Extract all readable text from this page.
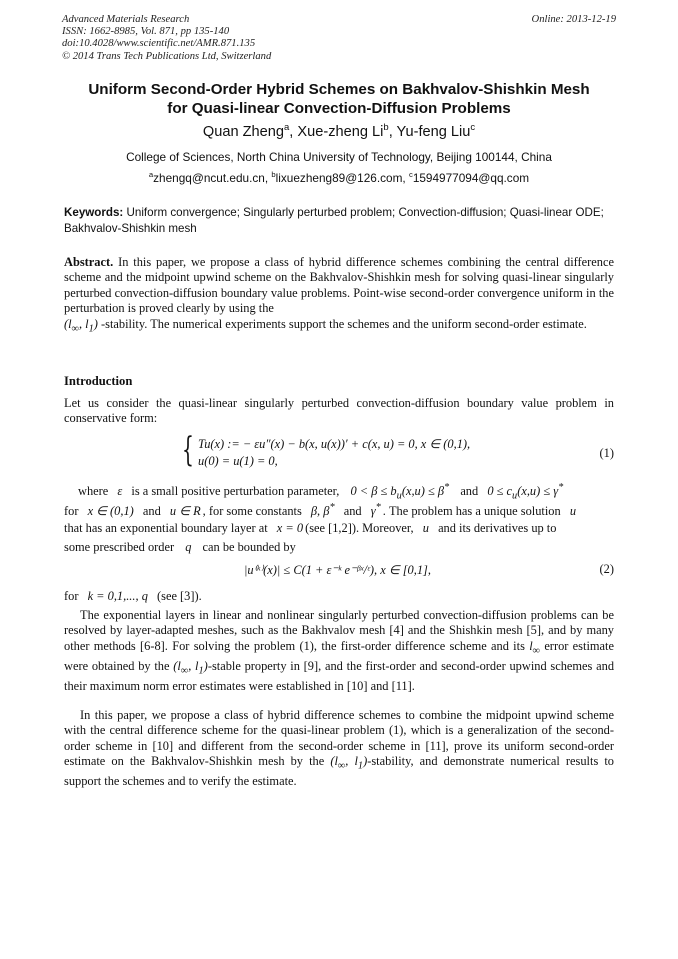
Advanced Materials Research
ISSN: 1662-8985, Vol. 871, pp 135-140
doi:10.4028/www.scientific.net/AMR.871.135
© 2014 Trans Tech Publications Ltd, Switzerland
Online: 2013-12-19
Uniform Second-Order Hybrid Schemes on Bakhvalov-Shishkin Mesh
for Quasi-linear Convection-Diffusion Problems
Quan Zheng$^a$, Xue-zheng Li$^b$, Yu-feng Liu$^c$
College of Sciences, North China University of Technology, Beijing 100144, China
$^a$zhengq@ncut.edu.cn, $^b$lixuezheng89@126.com, $^c$1594977094@qq.com
Keywords: Uniform convergence; Singularly perturbed problem; Convection-diffusion; Quasi-linear ODE; Bakhvalov-Shishkin mesh
Abstract. In this paper, we propose a class of hybrid difference schemes combining the central difference scheme and the midpoint upwind scheme on the Bakhvalov-Shishkin mesh for solving quasi-linear singularly perturbed convection-diffusion boundary value problems. Point-wise second-order convergence uniform in the perturbation is proved clearly by using the
($l_\infty$, $l_1$) -stability. The numerical experiments support the schemes and the uniform second-order estimate.
Introduction
Let us consider the quasi-linear singularly perturbed convection-diffusion boundary value problem in conservative form:
{ Tu(x) := − εu″(x) − b(x, u(x))′ + c(x, u) = 0, x ∈ (0,1),
u(0) = u(1) = 0,
(1)
where ε is a small positive perturbation parameter, $0 < \beta \le b_u(x,u) \le \beta^*$ and $0 \le c_u(x,u) \le \gamma^*$
for x ∈ (0,1) and u ∈ R , for some constants β, β* and γ* . The problem has a unique solution u
that has an exponential boundary layer at x = 0 (see [1,2]). Moreover, u and its derivatives up to
some prescribed order q can be bounded by
|u⁽ᵏ⁾(x)| ≤ C(1 + ε⁻ᵏ e⁻ᵝˣ/ᵋ), x ∈ [0,1],	(2)
for k = 0,1,..., q (see [3]).
The exponential layers in linear and nonlinear singularly perturbed convection-diffusion problems can be resolved by layer-adapted meshes, such as the Bakhvalov mesh [4] and the Shishkin mesh [5], and by many other methods [6-8]. For solving the problem (1), the first-order difference scheme and its $l_\infty$ error estimate were obtained by the ($l_\infty$, $l_1$)-stable property in [9], and the first-order and second-order upwind schemes and their maximum norm error estimates were established in [10] and [11].
In this paper, we propose a class of hybrid difference schemes to combine the midpoint upwind scheme with the central difference scheme for the quasi-linear problem (1), which is a generalization of the second-order scheme in [10] and different from the second-order scheme in [11], prove its uniform second-order estimate on the Bakhvalov-Shishkin mesh by the ($l_\infty$, $l_1$)-stability, and demonstrate numerical results to support the schemes and to verify the estimate.
